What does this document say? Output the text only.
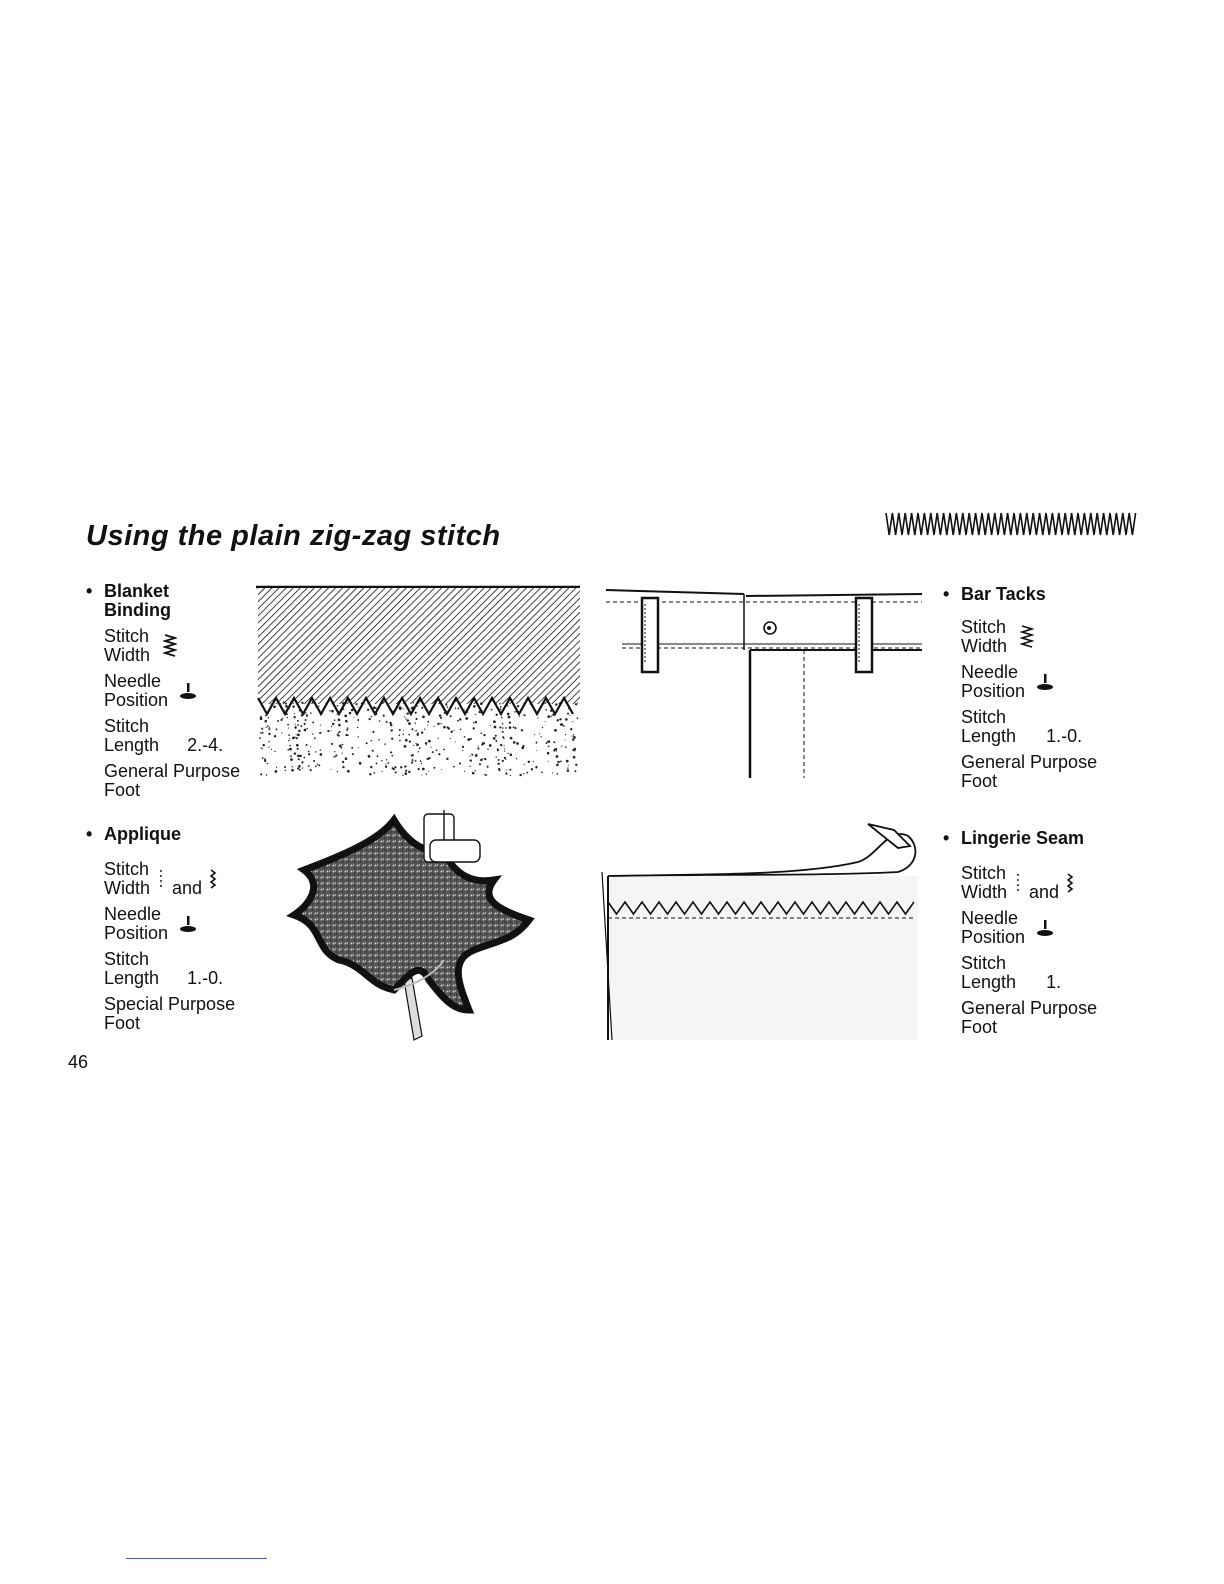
Using the plain zig-zag stitch
• Blanket
Binding
Stitch
Width
Needle
Position
Stitch
Length 2.-4.
General Purpose
Foot
• Bar Tacks
Stitch
Width
Needle
Position
Stitch
Length 1.-0.
General Purpose
Foot
• Applique
Stitch
Width and
Needle
Position
Stitch
Length 1.-0.
Special Purpose
Foot
• Lingerie Seam
Stitch
Width and
Needle
Position
Stitch
Length 1.
General Purpose
Foot
46
